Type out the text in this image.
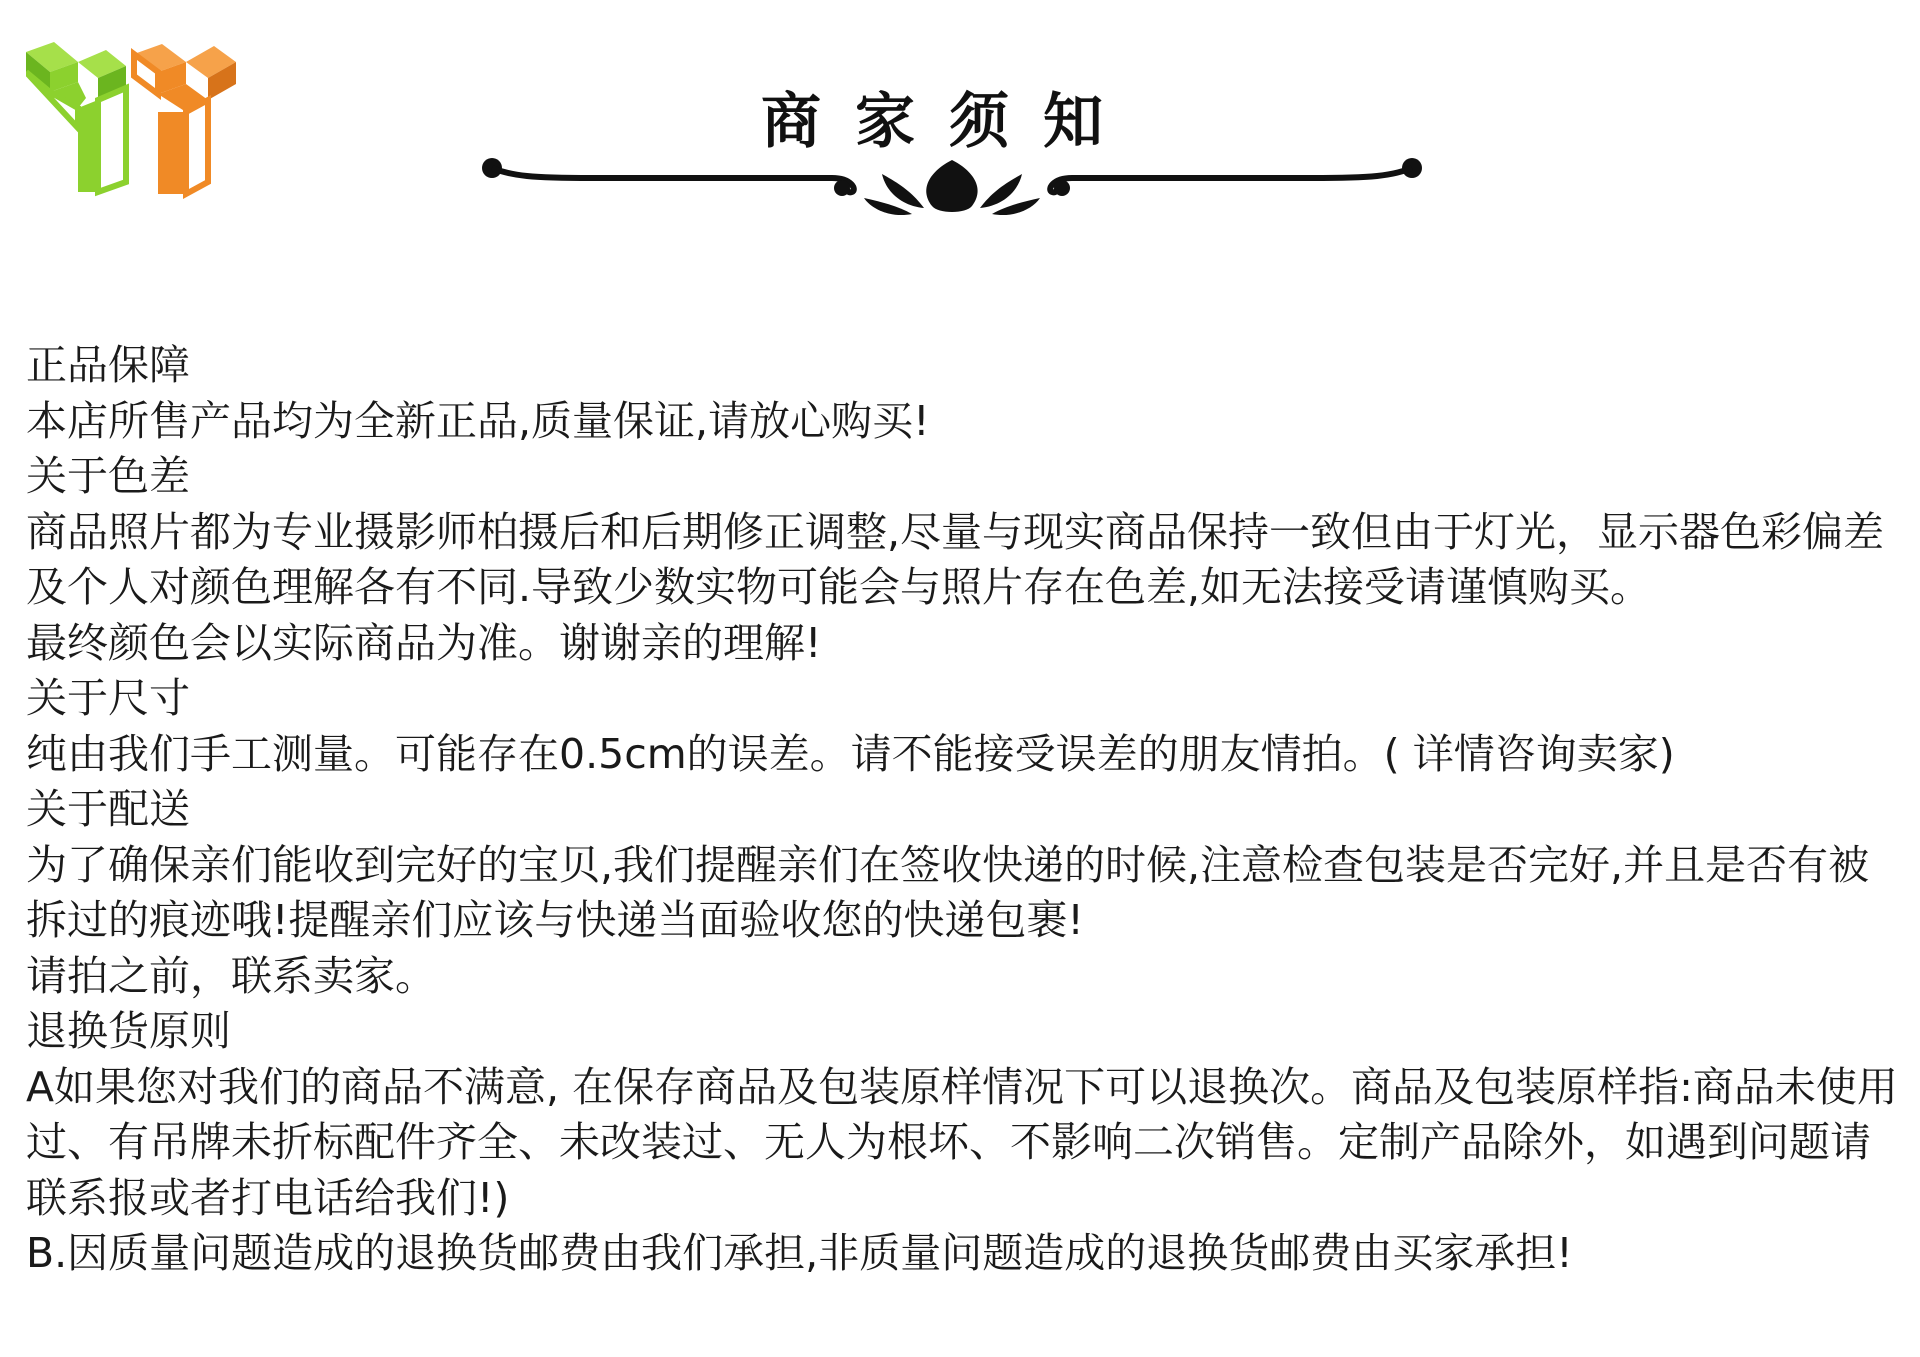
商家须知

正品保障

本店所售产品均为全新正品,质量保证,请放心购买!

关于色差

商品照片都为专业摄影师柏摄后和后期修正调整,尽量与现实商品保持一致但由于灯光，显示器色彩偏差及个人对颜色理解各有不同.导致少数实物可能会与照片存在色差,如无法接受请谨慎购买。

最终颜色会以实际商品为准。谢谢亲的理解!

关于尺寸

纯由我们手工测量。可能存在0.5cm的误差。请不能接受误差的朋友情拍。( 详情咨询卖家)

关于配送

为了确保亲们能收到完好的宝贝,我们提醒亲们在签收快递的时候,注意检查包装是否完好,并且是否有被拆过的痕迹哦!提醒亲们应该与快递当面验收您的快递包裹!

请拍之前，联系卖家。

退换货原则

A如果您对我们的商品不满意, 在保存商品及包装原样情况下可以退换次。商品及包装原样指:商品未使用过、有吊牌未折标配件齐全、未改装过、无人为根坏、不影响二次销售。定制产品除外，如遇到问题请联系报或者打电话给我们!)

B.因质量问题造成的退换货邮费由我们承担,非质量问题造成的退换货邮费由买家承担!
